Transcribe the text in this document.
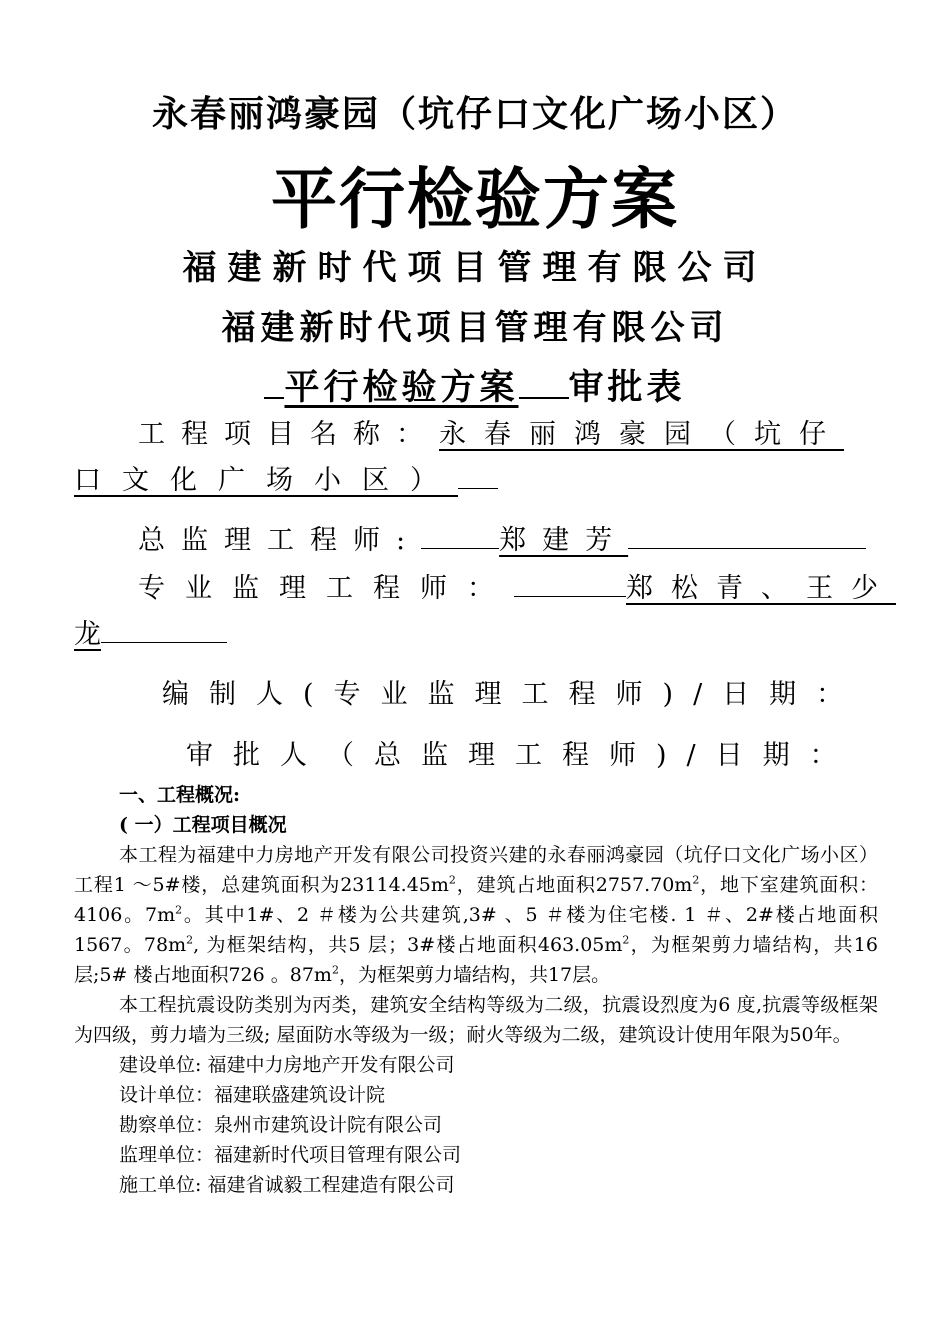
永春丽鸿豪园（坑仔口文化广场小区）
平行检验方案
福建新时代项目管理有限公司
福建新时代项目管理有限公司
平行检验方案 审批表
工程项目名称：永春丽鸿豪园（坑仔
口文化广场小区）
总监理工程师:	郑建芳
专业监理工程师：	郑松青、王少
龙
编制人(专业监理工程师)/日期：
审批人（总监理工程师)/日期：
一、工程概况:
( 一）工程项目概况

本工程为福建中力房地产开发有限公司投资兴建的永春丽鸿豪园（坑仔口文化广场小区）工程1 ～5#楼，总建筑面积为$23114.45m^2$，建筑占地面积$2757.70m^2$，地下室建筑面积：4106。$7m^2$。其中1#、2 ＃楼为公共建筑,3# 、5 ＃楼为住宅楼. 1 ＃、2#楼占地面积1567。$78m^2$, 为框架结构，共5 层；3#楼占地面积$463.05m^2$，为框架剪力墙结构，共16层;5# 楼占地面积726 。$87m^2$，为框架剪力墙结构，共17层。

本工程抗震设防类别为丙类，建筑安全结构等级为二级，抗震设烈度为6 度,抗震等级框架为四级，剪力墙为三级; 屋面防水等级为一级；耐火等级为二级，建筑设计使用年限为50年。

建设单位: 福建中力房地产开发有限公司
设计单位：福建联盛建筑设计院
勘察单位：泉州市建筑设计院有限公司
监理单位：福建新时代项目管理有限公司
施工单位: 福建省诚毅工程建造有限公司
